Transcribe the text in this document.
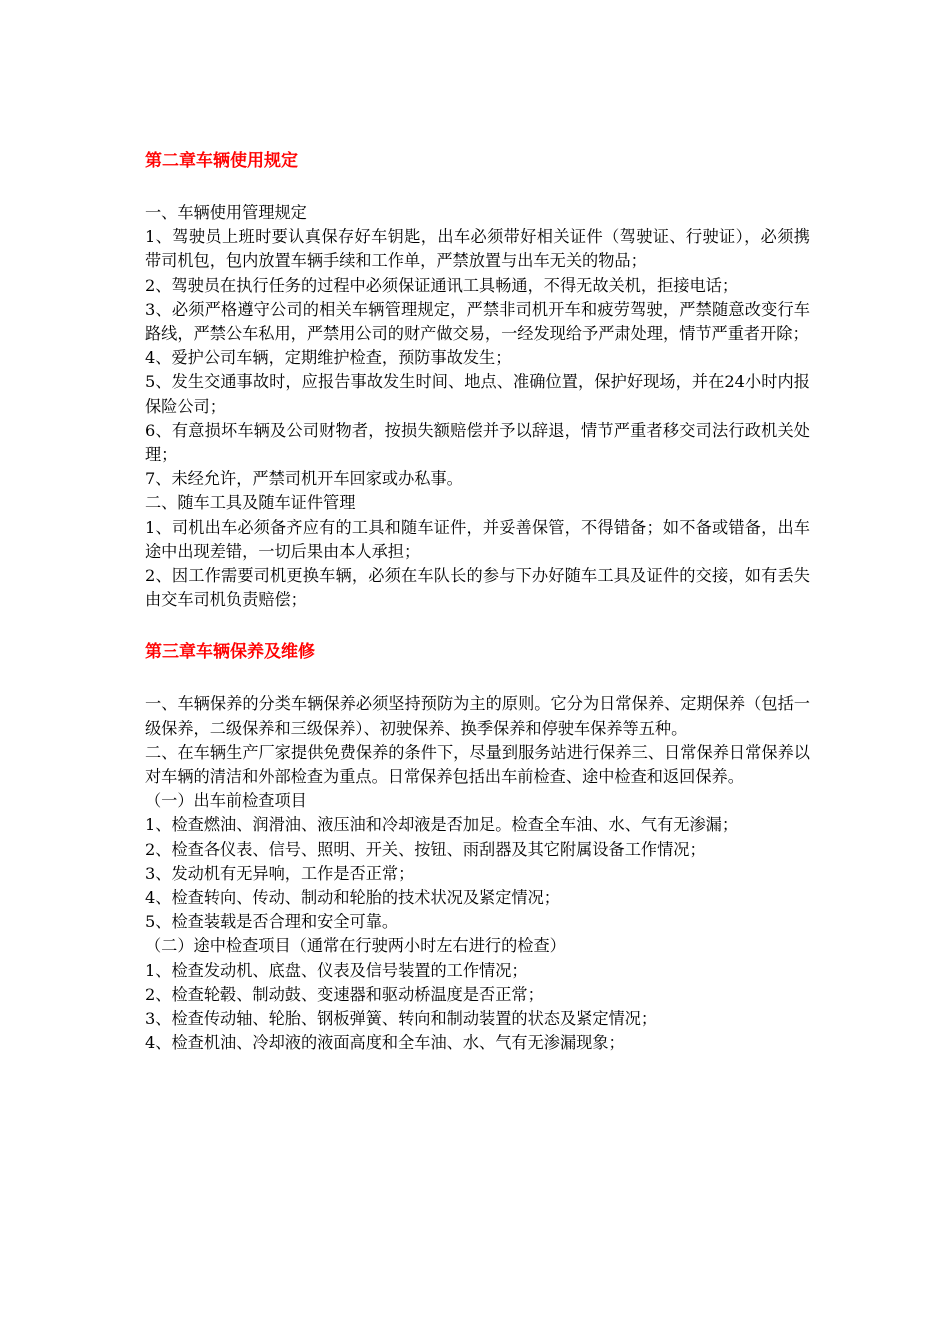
第二章车辆使用规定

一、车辆使用管理规定

1、驾驶员上班时要认真保存好车钥匙，出车必须带好相关证件（驾驶证、行驶证），必须携带司机包，包内放置车辆手续和工作单，严禁放置与出车无关的物品；

2、驾驶员在执行任务的过程中必须保证通讯工具畅通，不得无故关机，拒接电话；

3、必须严格遵守公司的相关车辆管理规定，严禁非司机开车和疲劳驾驶，严禁随意改变行车路线，严禁公车私用，严禁用公司的财产做交易，一经发现给予严肃处理，情节严重者开除；

4、爱护公司车辆，定期维护检查，预防事故发生；

5、发生交通事故时，应报告事故发生时间、地点、准确位置，保护好现场，并在24小时内报保险公司；

6、有意损坏车辆及公司财物者，按损失额赔偿并予以辞退，情节严重者移交司法行政机关处理；

7、未经允许，严禁司机开车回家或办私事。

二、随车工具及随车证件管理

1、司机出车必须备齐应有的工具和随车证件，并妥善保管，不得错备；如不备或错备，出车途中出现差错，一切后果由本人承担；

2、因工作需要司机更换车辆，必须在车队长的参与下办好随车工具及证件的交接，如有丢失由交车司机负责赔偿；

第三章车辆保养及维修

一、车辆保养的分类车辆保养必须坚持预防为主的原则。它分为日常保养、定期保养（包括一级保养，二级保养和三级保养）、初驶保养、换季保养和停驶车保养等五种。

二、在车辆生产厂家提供免费保养的条件下，尽量到服务站进行保养三、日常保养日常保养以对车辆的清洁和外部检查为重点。日常保养包括出车前检查、途中检查和返回保养。

（一）出车前检查项目

1、检查燃油、润滑油、液压油和冷却液是否加足。检查全车油、水、气有无渗漏；

2、检查各仪表、信号、照明、开关、按钮、雨刮器及其它附属设备工作情况；

3、发动机有无异响，工作是否正常；

4、检查转向、传动、制动和轮胎的技术状况及紧定情况；

5、检查装载是否合理和安全可靠。

（二）途中检查项目（通常在行驶两小时左右进行的检查）

1、检查发动机、底盘、仪表及信号装置的工作情况；

2、检查轮毂、制动鼓、变速器和驱动桥温度是否正常；

3、检查传动轴、轮胎、钢板弹簧、转向和制动装置的状态及紧定情况；

4、检查机油、冷却液的液面高度和全车油、水、气有无渗漏现象；
